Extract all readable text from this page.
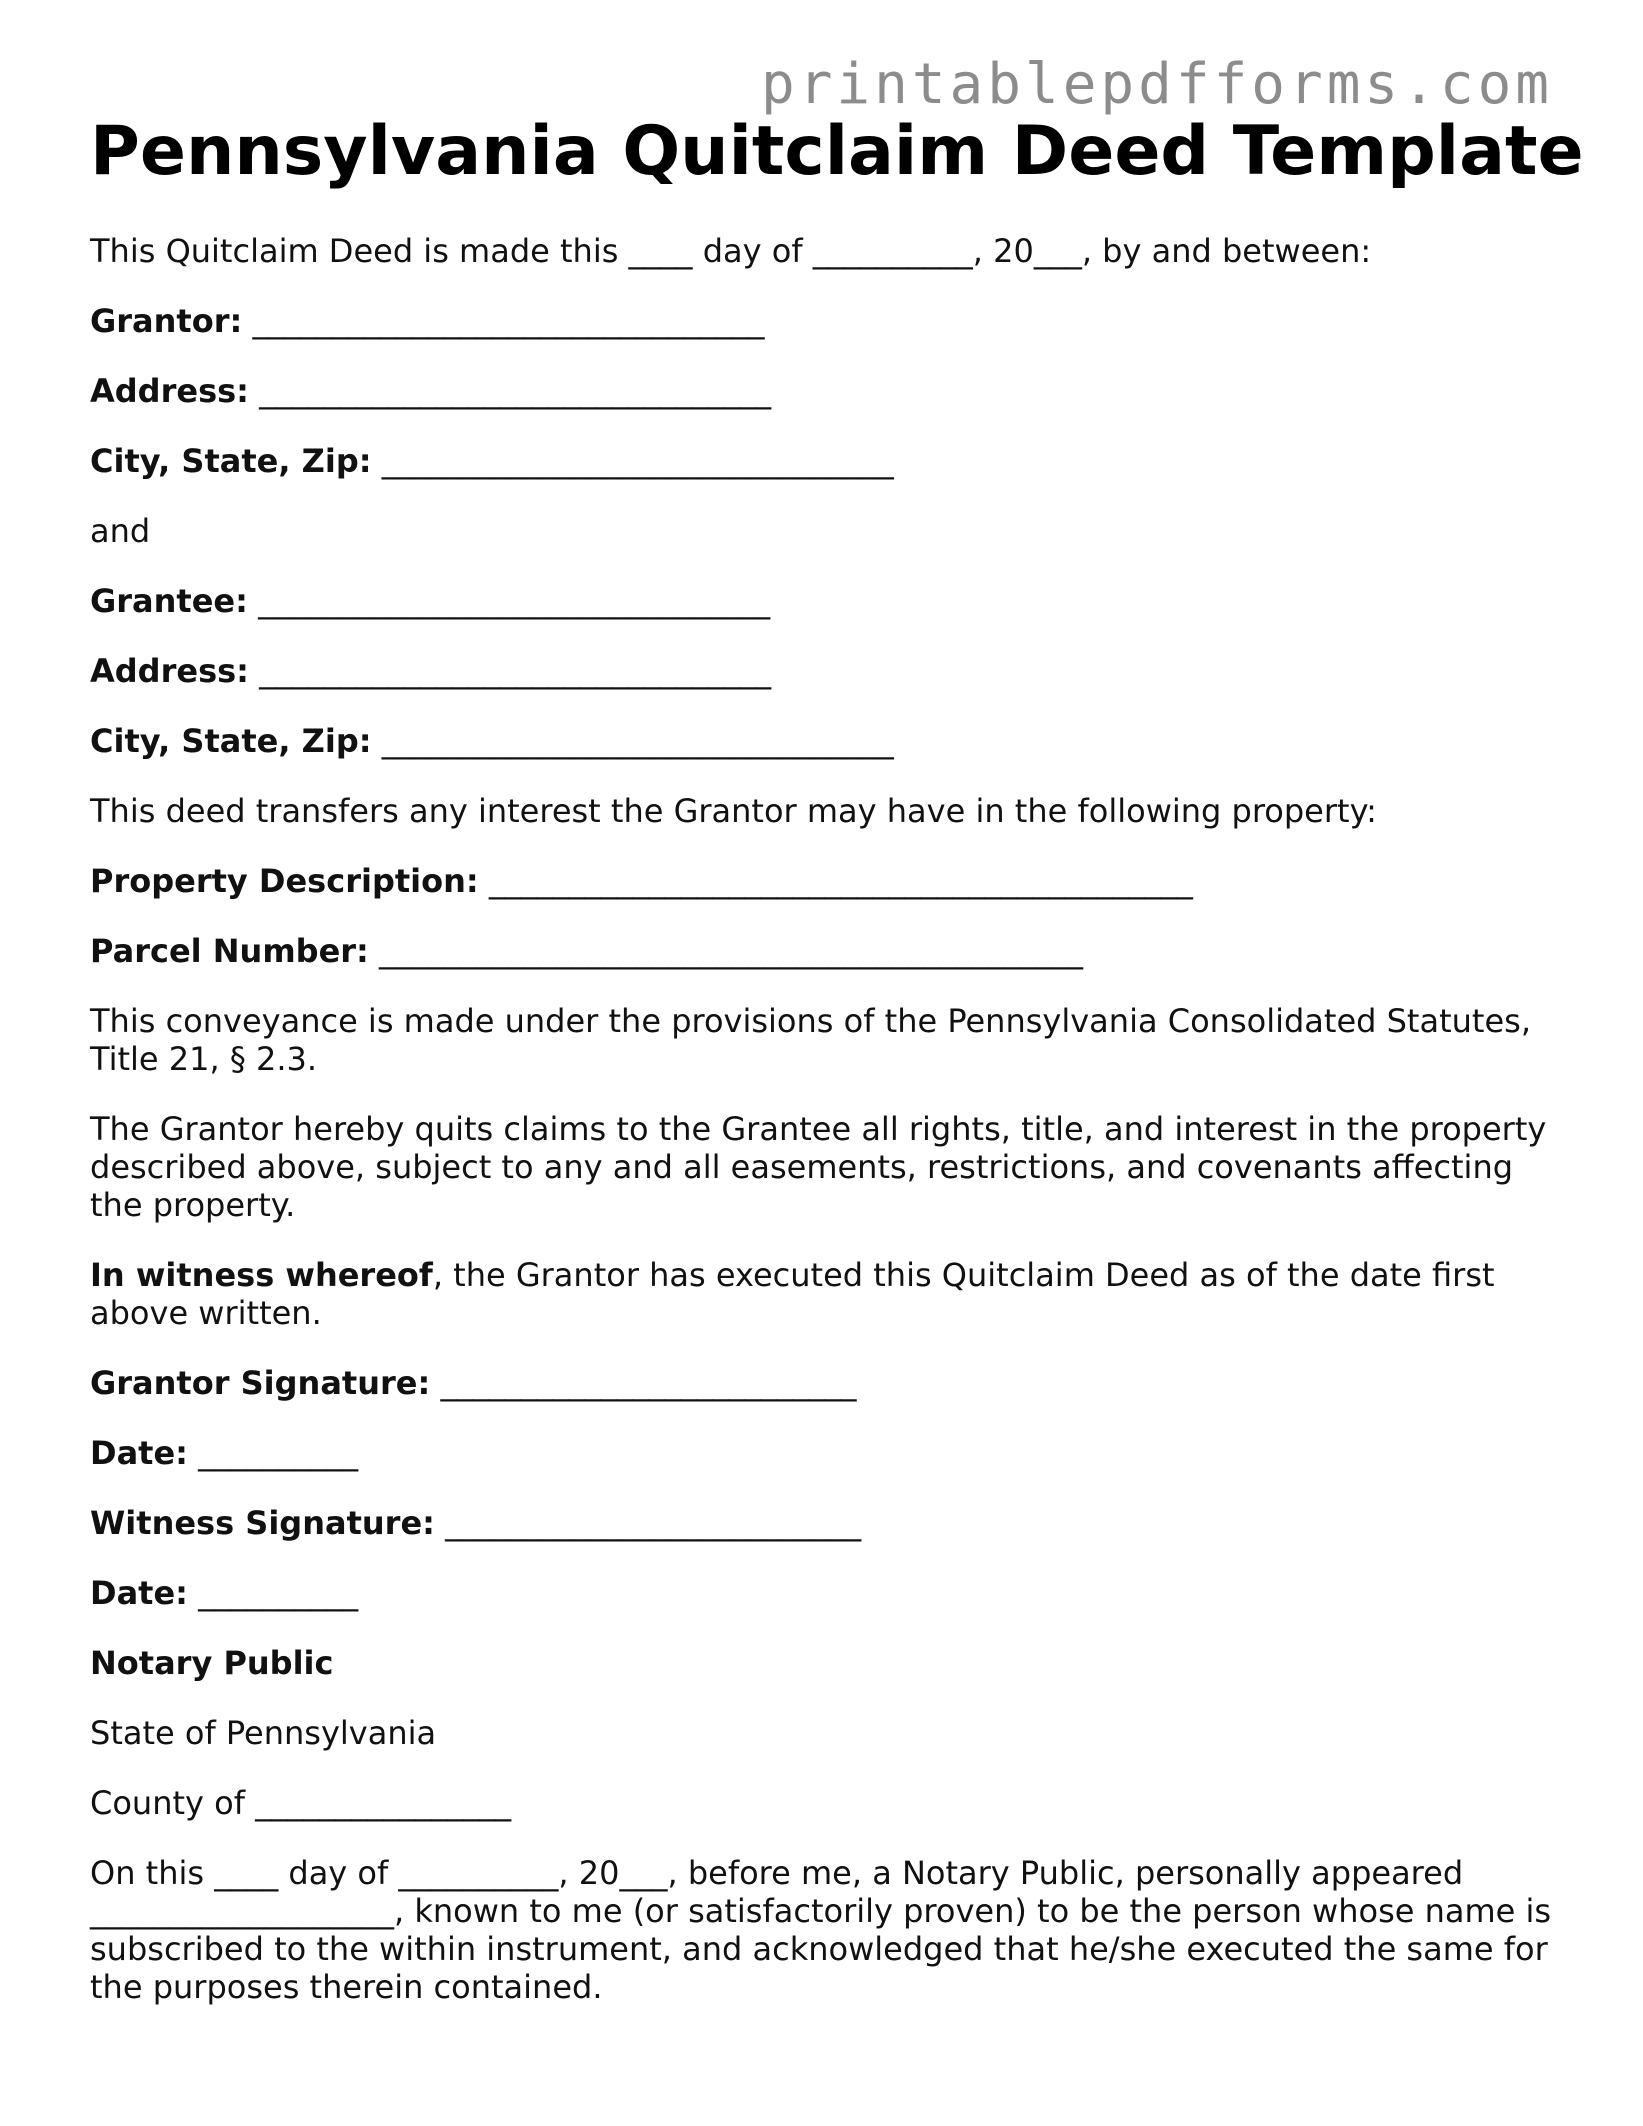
printablepdfforms.com
Pennsylvania Quitclaim Deed Template

This Quitclaim Deed is made this ____ day of __________, 20___, by and between:

Grantor: ________________________________

Address: ________________________________

City, State, Zip: ________________________________

and

Grantee: ________________________________

Address: ________________________________

City, State, Zip: ________________________________

This deed transfers any interest the Grantor may have in the following property:

Property Description: ____________________________________________

Parcel Number: ____________________________________________

This conveyance is made under the provisions of the Pennsylvania Consolidated Statutes, Title 21, § 2.3.

The Grantor hereby quits claims to the Grantee all rights, title, and interest in the property described above, subject to any and all easements, restrictions, and covenants affecting the property.

In witness whereof, the Grantor has executed this Quitclaim Deed as of the date first above written.

Grantor Signature: __________________________

Date: __________

Witness Signature: __________________________

Date: __________

Notary Public

State of Pennsylvania

County of ________________

On this ____ day of __________, 20___, before me, a Notary Public, personally appeared ___________________, known to me (or satisfactorily proven) to be the person whose name is subscribed to the within instrument, and acknowledged that he/she executed the same for the purposes therein contained.
